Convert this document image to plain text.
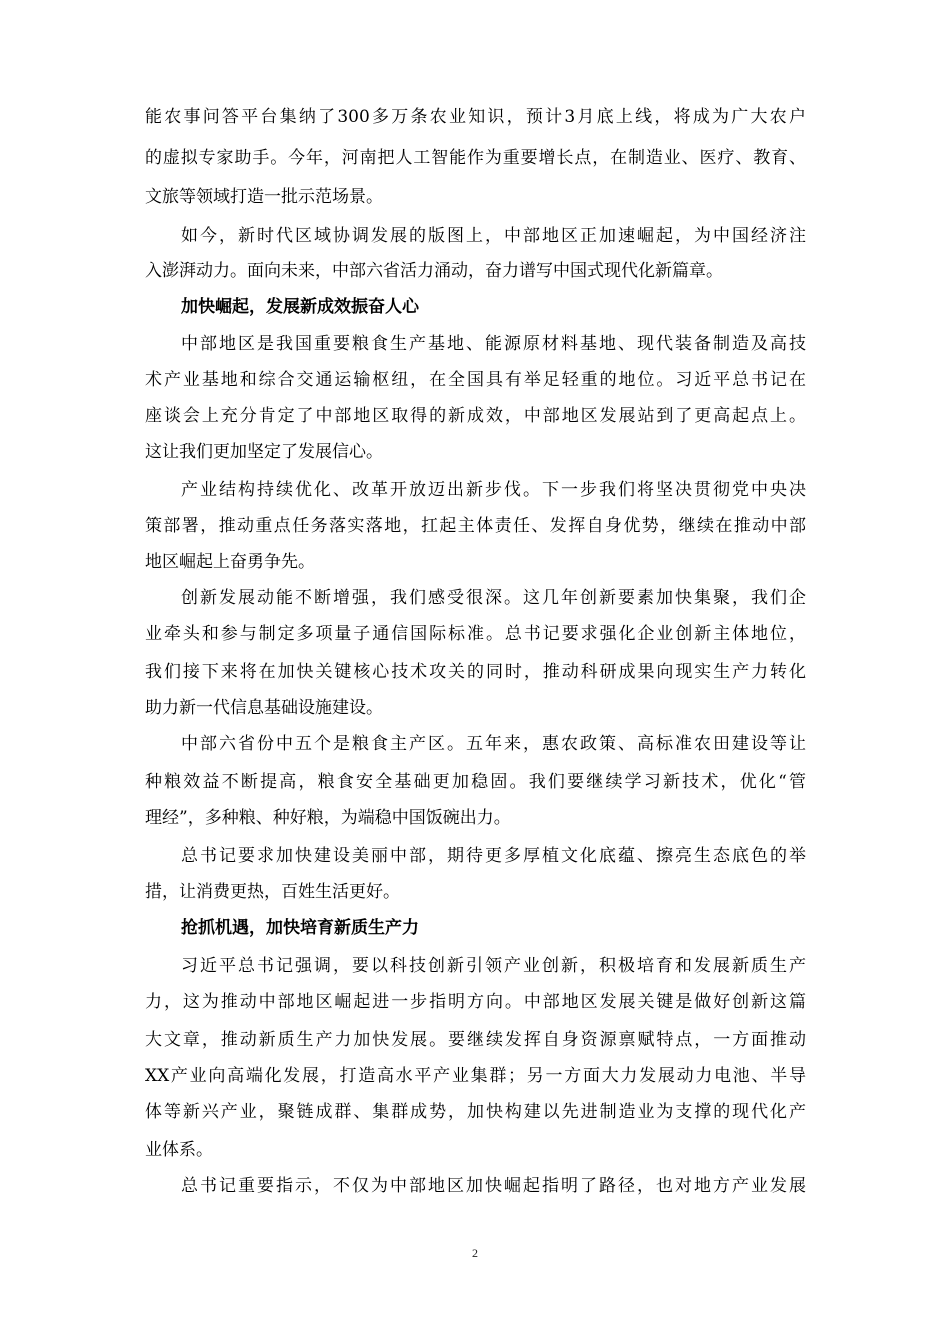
能农事问答平台集纳了300多万条农业知识，预计3月底上线，将成为广大农户
的虚拟专家助手。今年，河南把人工智能作为重要增长点，在制造业、医疗、教育、
文旅等领域打造一批示范场景。
如今，新时代区域协调发展的版图上，中部地区正加速崛起，为中国经济注
入澎湃动力。面向未来，中部六省活力涌动，奋力谱写中国式现代化新篇章。
加快崛起，发展新成效振奋人心
中部地区是我国重要粮食生产基地、能源原材料基地、现代装备制造及高技
术产业基地和综合交通运输枢纽，在全国具有举足轻重的地位。习近平总书记在
座谈会上充分肯定了中部地区取得的新成效，中部地区发展站到了更高起点上。
这让我们更加坚定了发展信心。
产业结构持续优化、改革开放迈出新步伐。下一步我们将坚决贯彻党中央决
策部署，推动重点任务落实落地，扛起主体责任、发挥自身优势，继续在推动中部
地区崛起上奋勇争先。
创新发展动能不断增强，我们感受很深。这几年创新要素加快集聚，我们企
业牵头和参与制定多项量子通信国际标准。总书记要求强化企业创新主体地位，
我们接下来将在加快关键核心技术攻关的同时，推动科研成果向现实生产力转化
助力新一代信息基础设施建设。
中部六省份中五个是粮食主产区。五年来，惠农政策、高标准农田建设等让
种粮效益不断提高，粮食安全基础更加稳固。我们要继续学习新技术，优化“管
理经”，多种粮、种好粮，为端稳中国饭碗出力。
总书记要求加快建设美丽中部，期待更多厚植文化底蕴、擦亮生态底色的举
措，让消费更热，百姓生活更好。
抢抓机遇，加快培育新质生产力
习近平总书记强调，要以科技创新引领产业创新，积极培育和发展新质生产
力，这为推动中部地区崛起进一步指明方向。中部地区发展关键是做好创新这篇
大文章，推动新质生产力加快发展。要继续发挥自身资源禀赋特点，一方面推动
XX产业向高端化发展，打造高水平产业集群；另一方面大力发展动力电池、半导
体等新兴产业，聚链成群、集群成势，加快构建以先进制造业为支撑的现代化产
业体系。
总书记重要指示，不仅为中部地区加快崛起指明了路径，也对地方产业发展
2
